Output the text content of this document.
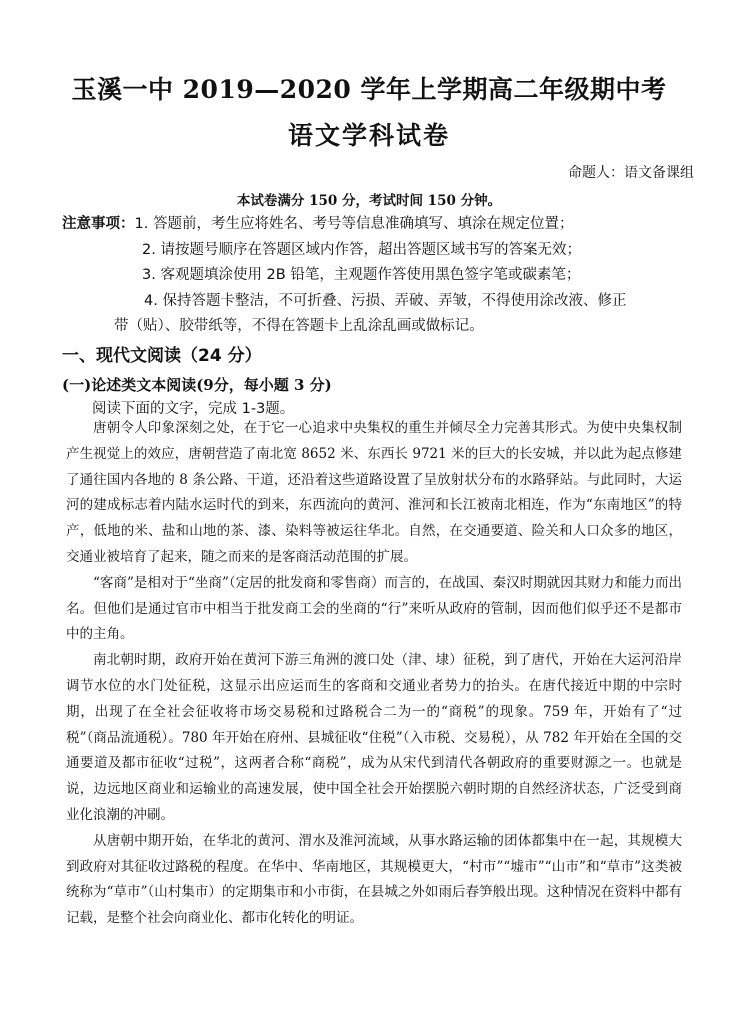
玉溪一中 2019—2020 学年上学期高二年级期中考
语文学科试卷
命题人：语文备课组
本试卷满分 150 分，考试时间 150 分钟。
注意事项：1. 答题前，考生应将姓名、考号等信息准确填写、填涂在规定位置；
2. 请按题号顺序在答题区域内作答，超出答题区域书写的答案无效；
3. 客观题填涂使用 2B 铅笔，主观题作答使用黑色签字笔或碳素笔；
4. 保持答题卡整洁，不可折叠、污损、弄破、弄皱，不得使用涂改液、修正
带（贴）、胶带纸等，不得在答题卡上乱涂乱画或做标记。
一、现代文阅读（24 分）
(一)论述类文本阅读(9分，每小题 3 分)
阅读下面的文字，完成 1-3题。

唐朝令人印象深刻之处，在于它一心追求中央集权的重生并倾尽全力完善其形式。为使中央集权制产生视觉上的效应，唐朝营造了南北宽 8652 米、东西长 9721 米的巨大的长安城，并以此为起点修建了通往国内各地的 8 条公路、干道，还沿着这些道路设置了呈放射状分布的水路驿站。与此同时，大运河的建成标志着内陆水运时代的到来，东西流向的黄河、淮河和长江被南北相连，作为“东南地区”的特产，低地的米、盐和山地的茶、漆、染料等被运往华北。自然，在交通要道、险关和人口众多的地区，交通业被培育了起来，随之而来的是客商活动范围的扩展。

“客商”是相对于“坐商”（定居的批发商和零售商）而言的，在战国、秦汉时期就因其财力和能力而出名。但他们是通过官市中相当于批发商工会的坐商的“行”来听从政府的管制，因而他们似乎还不是都市中的主角。

南北朝时期，政府开始在黄河下游三角洲的渡口处（津、埭）征税，到了唐代，开始在大运河沿岸调节水位的水门处征税，这显示出应运而生的客商和交通业者势力的抬头。在唐代接近中期的中宗时期，出现了在全社会征收将市场交易税和过路税合二为一的“商税”的现象。759 年，开始有了“过税”（商品流通税）。780 年开始在府州、县城征收“住税”（入市税、交易税），从 782 年开始在全国的交通要道及都市征收“过税”，这两者合称“商税”，成为从宋代到清代各朝政府的重要财源之一。也就是说，边远地区商业和运输业的高速发展，使中国全社会开始摆脱六朝时期的自然经济状态，广泛受到商业化浪潮的冲刷。

从唐朝中期开始，在华北的黄河、渭水及淮河流域，从事水路运输的团体都集中在一起，其规模大到政府对其征收过路税的程度。在华中、华南地区，其规模更大，“村市”“墟市”“山市”和“草市”这类被统称为“草市”（山村集市）的定期集市和小市街，在县城之外如雨后春笋般出现。这种情况在资料中都有记载，是整个社会向商业化、都市化转化的明证。
